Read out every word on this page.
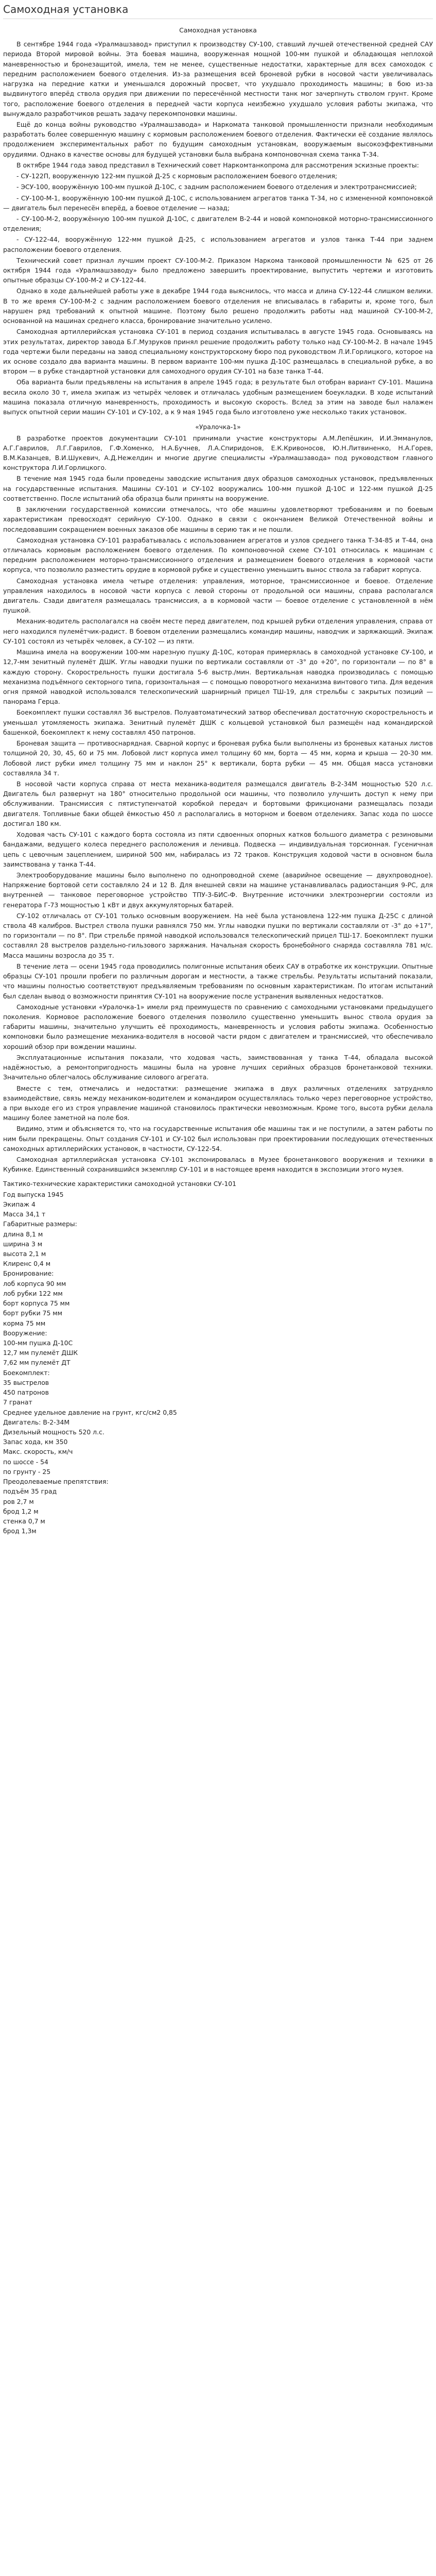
Самоходная установка

Самоходная установка

В сентябре 1944 года «Уралмашзавод» приступил к производству СУ-100, ставший лучшей отечественной средней САУ периода Второй мировой войны. Эта боевая машина, вооруженная мощной 100-мм пушкой и обладающая неплохой маневренностью и бронезащитой, имела, тем не менее, существенные недостатки, характерные для всех самоходок с передним расположением боевого отделения. Из-за размещения всей броневой рубки в носовой части увеличивалась нагрузка на передние катки и уменьшался дорожный просвет, что ухудшало проходимость машины; в бою из-за выдвинутого вперёд ствола орудия при движении по пересечённой местности танк мог зачерпнуть стволом грунт. Кроме того, расположение боевого отделения в передней части корпуса неизбежно ухудшало условия работы экипажа, что вынуждало разработчиков решать задачу перекомпоновки машины.

Ещё до конца войны руководство «Уралмашзавода» и Наркомата танковой промышленности признали необходимым разработать более совершенную машину с кормовым расположением боевого отделения. Фактически её создание являлось продолжением экспериментальных работ по будущим самоходным установкам, вооружаемым высокоэффективными орудиями. Однако в качестве основы для будущей установки была выбрана компоновочная схема танка Т-34.

В октябре 1944 года завод представил в Технический совет Наркомтанкопрома для рассмотрения эскизные проекты:

- СУ-122П, вооруженную 122-мм пушкой Д-25 с кормовым расположением боевого отделения;

- ЭСУ-100, вооружённую 100-мм пушкой Д-10С, с задним расположением боевого отделения и электротрансмиссией;

- СУ-100-М-1, вооружённую 100-мм пушкой Д-10С, с использованием агрегатов танка Т-34, но с измененной компоновкой — двигатель был перенесён вперёд, а боевое отделение — назад;

- СУ-100-М-2, вооружённую 100-мм пушкой Д-10С, с двигателем В-2-44 и новой компоновкой моторно-трансмиссионного отделения;

- СУ-122-44, вооружённую 122-мм пушкой Д-25, с использованием агрегатов и узлов танка Т-44 при заднем расположении боевого отделения.

Технический совет признал лучшим проект СУ-100-М-2. Приказом Наркома танковой промышленности № 625 от 26 октября 1944 года «Уралмашзаводу» было предложено завершить проектирование, выпустить чертежи и изготовить опытные образцы СУ-100-М-2 и СУ-122-44.

Однако в ходе дальнейшей работы уже в декабре 1944 года выяснилось, что масса и длина СУ-122-44 слишком велики. В то же время СУ-100-М-2 с задним расположением боевого отделения не вписывалась в габариты и, кроме того, был нарушен ряд требований к опытной машине. Поэтому было решено продолжить работы над машиной СУ-100-М-2, основанной на машинах среднего класса, бронирование значительно усилено.

Самоходная артиллерийская установка СУ-101 в период создания испытывалась в августе 1945 года. Основываясь на этих результатах, директор завода Б.Г.Музруков принял решение продолжить работу только над СУ-100-М-2. В начале 1945 года чертежи были переданы на завод специальному конструкторскому бюро под руководством Л.И.Горлицкого, которое на их основе создало два варианта машины. В первом варианте 100-мм пушка Д-10С размещалась в специальной рубке, а во втором — в рубке стандартной установки для самоходного орудия СУ-101 на базе танка Т-44.

Оба варианта были предъявлены на испытания в апреле 1945 года; в результате был отобран вариант СУ-101. Машина весила около 30 т, имела экипаж из четырёх человек и отличалась удобным размещением боеукладки. В ходе испытаний машина показала отличную маневренность, проходимость и высокую скорость. Вслед за этим на заводе был налажен выпуск опытной серии машин СУ-101 и СУ-102, а к 9 мая 1945 года было изготовлено уже несколько таких установок.

«Уралочка-1»

В разработке проектов документации СУ-101 принимали участие конструкторы А.М.Лепёшкин, И.И.Эмманулов, А.Г.Гаврилов, Л.Г.Гаврилов, Г.Ф.Хоменко, Н.А.Бучнев, Л.А.Спиридонов, Е.К.Кривоносов, Ю.Н.Литвиненко, Н.А.Горев, В.М.Казанцев, В.И.Шукевич, А.Д.Нежелдин и многие другие специалисты «Уралмашзавода» под руководством главного конструктора Л.И.Горлицкого.

В течение мая 1945 года были проведены заводские испытания двух образцов самоходных установок, предъявленных на государственные испытания. Машины СУ-101 и СУ-102 вооружались 100-мм пушкой Д-10С и 122-мм пушкой Д-25 соответственно. После испытаний оба образца были приняты на вооружение.

В заключении государственной комиссии отмечалось, что обе машины удовлетворяют требованиям и по боевым характеристикам превосходят серийную СУ-100. Однако в связи с окончанием Великой Отечественной войны и последовавшим сокращением военных заказов обе машины в серию так и не пошли.

Самоходная установка СУ-101 разрабатывалась с использованием агрегатов и узлов среднего танка Т-34-85 и Т-44, она отличалась кормовым расположением боевого отделения. По компоновочной схеме СУ-101 относилась к машинам с передним расположением моторно-трансмиссионного отделения и размещением боевого отделения в кормовой части корпуса, что позволило разместить орудие в кормовой рубке и существенно уменьшить вынос ствола за габарит корпуса.

Самоходная установка имела четыре отделения: управления, моторное, трансмиссионное и боевое. Отделение управления находилось в носовой части корпуса с левой стороны от продольной оси машины, справа располагался двигатель. Сзади двигателя размещалась трансмиссия, а в кормовой части — боевое отделение с установленной в нём пушкой.

Механик-водитель располагался на своём месте перед двигателем, под крышей рубки отделения управления, справа от него находился пулемётчик-радист. В боевом отделении размещались командир машины, наводчик и заряжающий. Экипаж СУ-101 состоял из четырёх человек, а СУ-102 — из пяти.

Машина имела на вооружении 100-мм нарезную пушку Д-10С, которая примерялась в самоходной установке СУ-100, и 12,7-мм зенитный пулемёт ДШК. Углы наводки пушки по вертикали составляли от -3° до +20°, по горизонтали — по 8° в каждую сторону. Скорострельность пушки достигала 5-6 выстр./мин. Вертикальная наводка производилась с помощью механизма подъёмного секторного типа, горизонтальная — с помощью поворотного механизма винтового типа. Для ведения огня прямой наводкой использовался телескопический шарнирный прицел ТШ-19, для стрельбы с закрытых позиций — панорама Герца.

Боекомплект пушки составлял 36 выстрелов. Полуавтоматический затвор обеспечивал достаточную скорострельность и уменьшал утомляемость экипажа. Зенитный пулемёт ДШК с кольцевой установкой был размещён над командирской башенкой, боекомплект к нему составлял 450 патронов.

Броневая защита — противоснарядная. Сварной корпус и броневая рубка были выполнены из броневых катаных листов толщиной 20, 30, 45, 60 и 75 мм. Лобовой лист корпуса имел толщину 60 мм, борта — 45 мм, корма и крыша — 20-30 мм. Лобовой лист рубки имел толщину 75 мм и наклон 25° к вертикали, борта рубки — 45 мм. Общая масса установки составляла 34 т.

В носовой части корпуса справа от места механика-водителя размещался двигатель В-2-34М мощностью 520 л.с. Двигатель был развернут на 180° относительно продольной оси машины, что позволило улучшить доступ к нему при обслуживании. Трансмиссия с пятиступенчатой коробкой передач и бортовыми фрикционами размещалась позади двигателя. Топливные баки общей ёмкостью 450 л располагались в моторном и боевом отделениях. Запас хода по шоссе достигал 180 км.

Ходовая часть СУ-101 с каждого борта состояла из пяти сдвоенных опорных катков большого диаметра с резиновыми бандажами, ведущего колеса переднего расположения и ленивца. Подвеска — индивидуальная торсионная. Гусеничная цепь с цевочным зацеплением, шириной 500 мм, набиралась из 72 траков. Конструкция ходовой части в основном была заимствована у танка Т-44.

Электрооборудование машины было выполнено по однопроводной схеме (аварийное освещение — двухпроводное). Напряжение бортовой сети составляло 24 и 12 В. Для внешней связи на машине устанавливалась радиостанция 9-РС, для внутренней — танковое переговорное устройство ТПУ-3-БИС-Ф. Внутренние источники электроэнергии состояли из генератора Г-73 мощностью 1 кВт и двух аккумуляторных батарей.

СУ-102 отличалась от СУ-101 только основным вооружением. На неё была установлена 122-мм пушка Д-25С с длиной ствола 48 калибров. Выстрел ствола пушки равнялся 750 мм. Углы наводки пушки по вертикали составляли от -3° до +17°, по горизонтали — по 8°. При стрельбе прямой наводкой использовался телескопический прицел ТШ-17. Боекомплект пушки составлял 28 выстрелов раздельно-гильзового заряжания. Начальная скорость бронебойного снаряда составляла 781 м/с. Масса машины возросла до 35 т.

В течение лета — осени 1945 года проводились полигонные испытания обеих САУ в отработке их конструкции. Опытные образцы СУ-101 прошли пробеги по различным дорогам и местности, а также стрельбы. Результаты испытаний показали, что машины полностью соответствуют предъявляемым требованиям по основным характеристикам. По итогам испытаний был сделан вывод о возможности принятия СУ-101 на вооружение после устранения выявленных недостатков.

Самоходные установки «Уралочка-1» имели ряд преимуществ по сравнению с самоходными установками предыдущего поколения. Кормовое расположение боевого отделения позволило существенно уменьшить вынос ствола орудия за габариты машины, значительно улучшить её проходимость, маневренность и условия работы экипажа. Особенностью компоновки было размещение механика-водителя в носовой части рядом с двигателем и трансмиссией, что обеспечивало хороший обзор при вождении машины.

Эксплуатационные испытания показали, что ходовая часть, заимствованная у танка Т-44, обладала высокой надёжностью, а ремонтопригодность машины была на уровне лучших серийных образцов бронетанковой техники. Значительно облегчалось обслуживание силового агрегата.

Вместе с тем, отмечались и недостатки: размещение экипажа в двух различных отделениях затрудняло взаимодействие, связь между механиком-водителем и командиром осуществлялась только через переговорное устройство, а при выходе его из строя управление машиной становилось практически невозможным. Кроме того, высота рубки делала машину более заметной на поле боя.

Видимо, этим и объясняется то, что на государственные испытания обе машины так и не поступили, а затем работы по ним были прекращены. Опыт создания СУ-101 и СУ-102 был использован при проектировании последующих отечественных самоходных артиллерийских установок, в частности, СУ-122-54.

Самоходная артиллерийская установка СУ-101 экспонировалась в Музее бронетанкового вооружения и техники в Кубинке. Единственный сохранившийся экземпляр СУ-101 и в настоящее время находится в экспозиции этого музея.

Тактико-технические характеристики самоходной установки СУ-101
Год выпуска 1945
Экипаж 4
Масса 34,1 т
Габаритные размеры:
длина 8,1 м
ширина 3 м
высота 2,1 м
Клиренс 0,4 м
Бронирование:
лоб корпуса 90 мм
лоб рубки 122 мм
борт корпуса 75 мм
борт рубки 75 мм
корма 75 мм
Вооружение:
100-мм пушка Д-10С
12,7 мм пулемёт ДШК
7,62 мм пулемёт ДТ
Боекомплект:
35 выстрелов
450 патронов
7 гранат
Среднее удельное давление на грунт, кгс/см2 0,85
Двигатель: В-2-34М
Дизельный мощность 520 л.с.
Запас хода, км 350
Макс. скорость, км/ч
по шоссе - 54
по грунту - 25
Преодолеваемые препятствия:
подъём 35 град
ров 2,7 м
брод 1,2 м
стенка 0,7 м
брод 1,3м
